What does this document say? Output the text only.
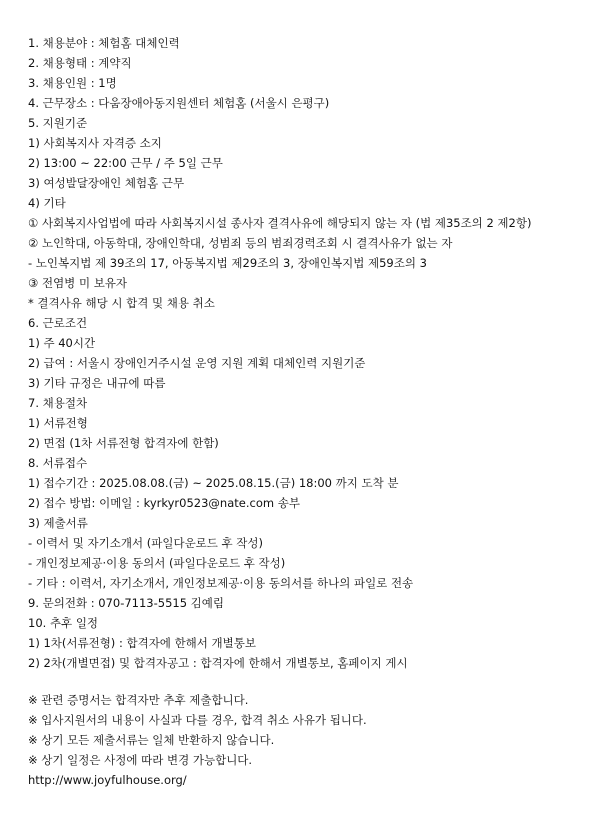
1. 채용분야 : 체험홈 대체인력
2. 채용형태 : 계약직
3. 채용인원 : 1명
4. 근무장소 : 다움장애아동지원센터 체험홈 (서울시 은평구)
5. 지원기준
1) 사회복지사 자격증 소지
2) 13:00 ~ 22:00 근무 / 주 5일 근무
3) 여성발달장애인 체험홈 근무
4) 기타
① 사회복지사업법에 따라 사회복지시설 종사자 결격사유에 해당되지 않는 자 (법 제35조의 2 제2항)
② 노인학대, 아동학대, 장애인학대, 성범죄 등의 범죄경력조회 시 결격사유가 없는 자
- 노인복지법 제 39조의 17, 아동복지법 제29조의 3, 장애인복지법 제59조의 3
③ 전염병 미 보유자
* 결격사유 해당 시 합격 및 채용 취소
6. 근로조건
1) 주 40시간
2) 급여 : 서울시 장애인거주시설 운영 지원 계획 대체인력 지원기준
3) 기타 규정은 내규에 따름
7. 채용절차
1) 서류전형
2) 면접 (1차 서류전형 합격자에 한함)
8. 서류접수
1) 접수기간 : 2025.08.08.(금) ~ 2025.08.15.(금) 18:00 까지 도착 분
2) 접수 방법: 이메일 : kyrkyr0523@nate.com 송부
3) 제출서류
- 이력서 및 자기소개서 (파일다운로드 후 작성)
- 개인정보제공·이용 동의서 (파일다운로드 후 작성)
- 기타 : 이력서, 자기소개서, 개인정보제공·이용 동의서를 하나의 파일로 전송
9. 문의전화 : 070-7113-5515 김예림
10. 추후 일정
1) 1차(서류전형) : 합격자에 한해서 개별통보
2) 2차(개별면접) 및 합격자공고 : 합격자에 한해서 개별통보, 홈페이지 게시
※ 관련 증명서는 합격자만 추후 제출합니다.
※ 입사지원서의 내용이 사실과 다를 경우, 합격 취소 사유가 됩니다.
※ 상기 모든 제출서류는 일체 반환하지 않습니다.
※ 상기 일정은 사정에 따라 변경 가능합니다.
http://www.joyfulhouse.org/
